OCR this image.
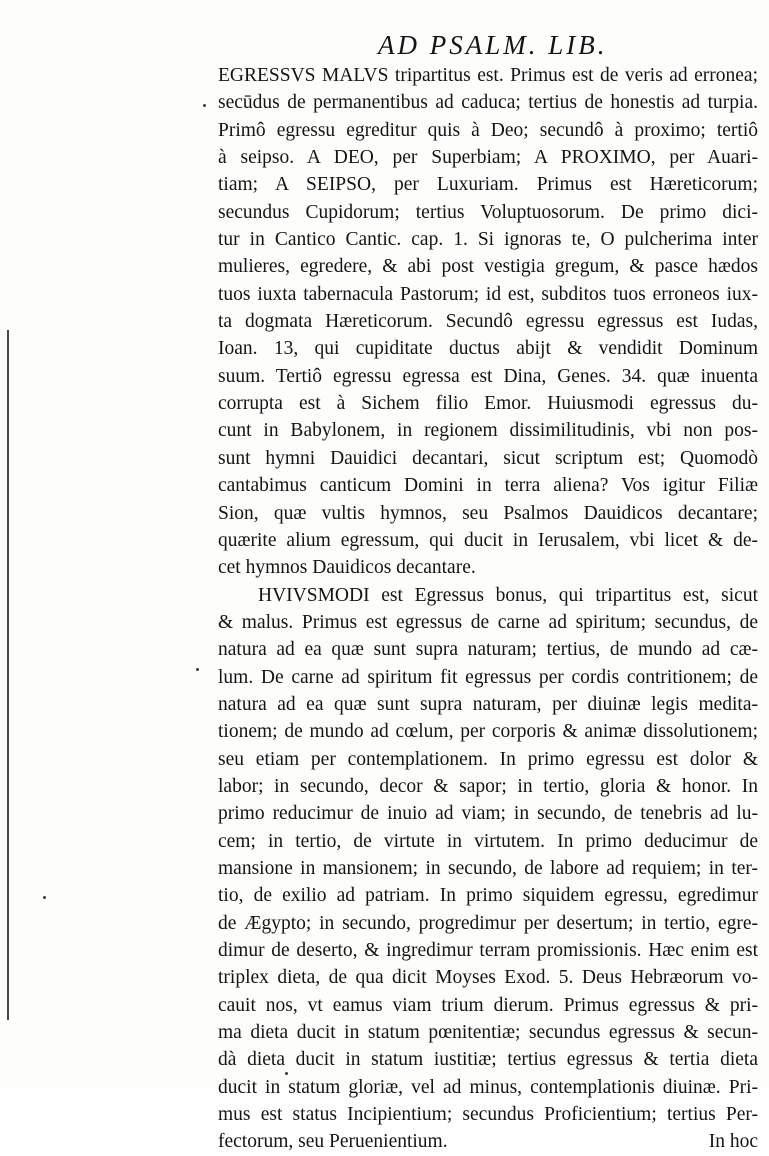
AD PSALM. LIB.
EGRESSVS MALVS tripartitus est. Primus est de veris ad erronea;
secūdus de permanentibus ad caduca; tertius de honestis ad turpia.
Primô egressu egreditur quis à Deo; secundô à proximo; tertiô
à seipso. A DEO, per Superbiam; A PROXIMO, per Auari-
tiam; A SEIPSO, per Luxuriam. Primus est Hæreticorum;
secundus Cupidorum; tertius Voluptuosorum. De primo dici-
tur in Cantico Cantic. cap. 1. Si ignoras te, O pulcherima inter
mulieres, egredere, & abi post vestigia gregum, & pasce hædos
tuos iuxta tabernacula Pastorum; id est, subditos tuos erroneos iux-
ta dogmata Hæreticorum. Secundô egressu egressus est Iudas,
Ioan. 13, qui cupiditate ductus abijt & vendidit Dominum
suum. Tertiô egressu egressa est Dina, Genes. 34. quæ inuenta
corrupta est à Sichem filio Emor. Huiusmodi egressus du-
cunt in Babylonem, in regionem dissimilitudinis, vbi non pos-
sunt hymni Dauidici decantari, sicut scriptum est; Quomodò
cantabimus canticum Domini in terra aliena? Vos igitur Filiæ
Sion, quæ vultis hymnos, seu Psalmos Dauidicos decantare;
quærite alium egressum, qui ducit in Ierusalem, vbi licet & de-
cet hymnos Dauidicos decantare.
HVIVSMODI est Egressus bonus, qui tripartitus est, sicut
& malus. Primus est egressus de carne ad spiritum; secundus, de
natura ad ea quæ sunt supra naturam; tertius, de mundo ad cæ-
lum. De carne ad spiritum fit egressus per cordis contritionem; de
natura ad ea quæ sunt supra naturam, per diuinæ legis medita-
tionem; de mundo ad cœlum, per corporis & animæ dissolutionem;
seu etiam per contemplationem. In primo egressu est dolor &
labor; in secundo, decor & sapor; in tertio, gloria & honor. In
primo reducimur de inuio ad viam; in secundo, de tenebris ad lu-
cem; in tertio, de virtute in virtutem. In primo deducimur de
mansione in mansionem; in secundo, de labore ad requiem; in ter-
tio, de exilio ad patriam. In primo siquidem egressu, egredimur
de Ægypto; in secundo, progredimur per desertum; in tertio, egre-
dimur de deserto, & ingredimur terram promissionis. Hæc enim est
triplex dieta, de qua dicit Moyses Exod. 5. Deus Hebræorum vo-
cauit nos, vt eamus viam trium dierum. Primus egressus & pri-
ma dieta ducit in statum pœnitentiæ; secundus egressus & secun-
dà dieta ducit in statum iustitiæ; tertius egressus & tertia dieta
ducit in statum gloriæ, vel ad minus, contemplationis diuinæ. Pri-
mus est status Incipientium; secundus Proficientium; tertius Per-
fectorum, seu Peruenientium.	In hoc
